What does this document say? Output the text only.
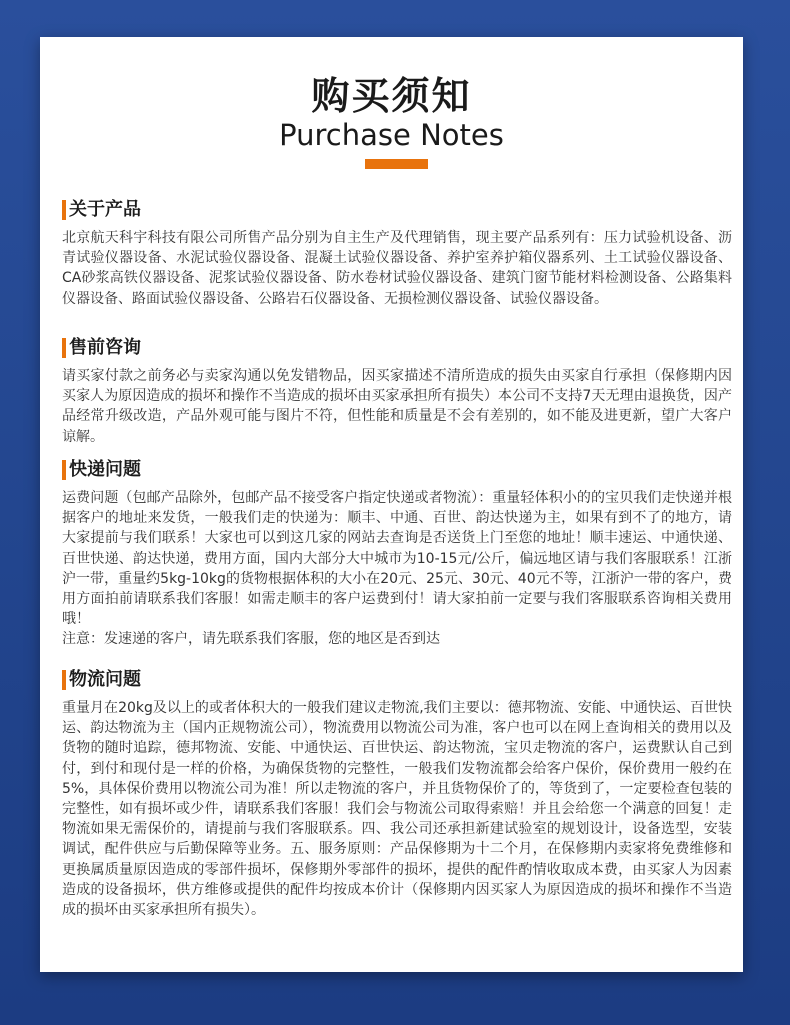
购买须知
Purchase Notes
关于产品

北京航天科宇科技有限公司所售产品分别为自主生产及代理销售，现主要产品系列有：压力试验机设备、沥青试验仪器设备、水泥试验仪器设备、混凝土试验仪器设备、养护室养护箱仪器系列、土工试验仪器设备、CA砂浆高铁仪器设备、泥浆试验仪器设备、防水卷材试验仪器设备、建筑门窗节能材料检测设备、公路集料仪器设备、路面试验仪器设备、公路岩石仪器设备、无损检测仪器设备、试验仪器设备。

售前咨询

请买家付款之前务必与卖家沟通以免发错物品，因买家描述不清所造成的损失由买家自行承担（保修期内因买家人为原因造成的损坏和操作不当造成的损坏由买家承担所有损失）本公司不支持7天无理由退换货，因产品经常升级改造，产品外观可能与图片不符，但性能和质量是不会有差别的，如不能及进更新，望广大客户谅解。

快递问题

运费问题（包邮产品除外，包邮产品不接受客户指定快递或者物流）：重量轻体积小的的宝贝我们走快递并根据客户的地址来发货，一般我们走的快递为：顺丰、中通、百世、韵达快递为主，如果有到不了的地方，请大家提前与我们联系！大家也可以到这几家的网站去查询是否送货上门至您的地址！顺丰速运、中通快递、百世快递、韵达快递，费用方面，国内大部分大中城市为10-15元/公斤，偏远地区请与我们客服联系！江浙沪一带，重量约5kg-10kg的货物根据体积的大小在20元、25元、30元、40元不等，江浙沪一带的客户，费用方面拍前请联系我们客服！如需走顺丰的客户运费到付！请大家拍前一定要与我们客服联系咨询相关费用哦！

注意：发速递的客户，请先联系我们客服，您的地区是否到达

物流问题

重量月在20kg及以上的或者体积大的一般我们建议走物流,我们主要以：德邦物流、安能、中通快运、百世快运、韵达物流为主（国内正规物流公司），物流费用以物流公司为准，客户也可以在网上查询相关的费用以及货物的随时追踪，德邦物流、安能、中通快运、百世快运、韵达物流，宝贝走物流的客户，运费默认自己到付，到付和现付是一样的价格，为确保货物的完整性，一般我们发物流都会给客户保价，保价费用一般约在5%，具体保价费用以物流公司为准！所以走物流的客户，并且货物保价了的，等货到了，一定要检查包装的完整性，如有损坏或少件，请联系我们客服！我们会与物流公司取得索赔！并且会给您一个满意的回复！走物流如果无需保价的，请提前与我们客服联系。四、我公司还承担新建试验室的规划设计，设备选型，安装调试，配件供应与后勤保障等业务。五、服务原则：产品保修期为十二个月，在保修期内卖家将免费维修和更换属质量原因造成的零部件损坏，保修期外零部件的损坏，提供的配件酌情收取成本费，由买家人为因素造成的设备损坏，供方维修或提供的配件均按成本价计（保修期内因买家人为原因造成的损坏和操作不当造成的损坏由买家承担所有损失）。
